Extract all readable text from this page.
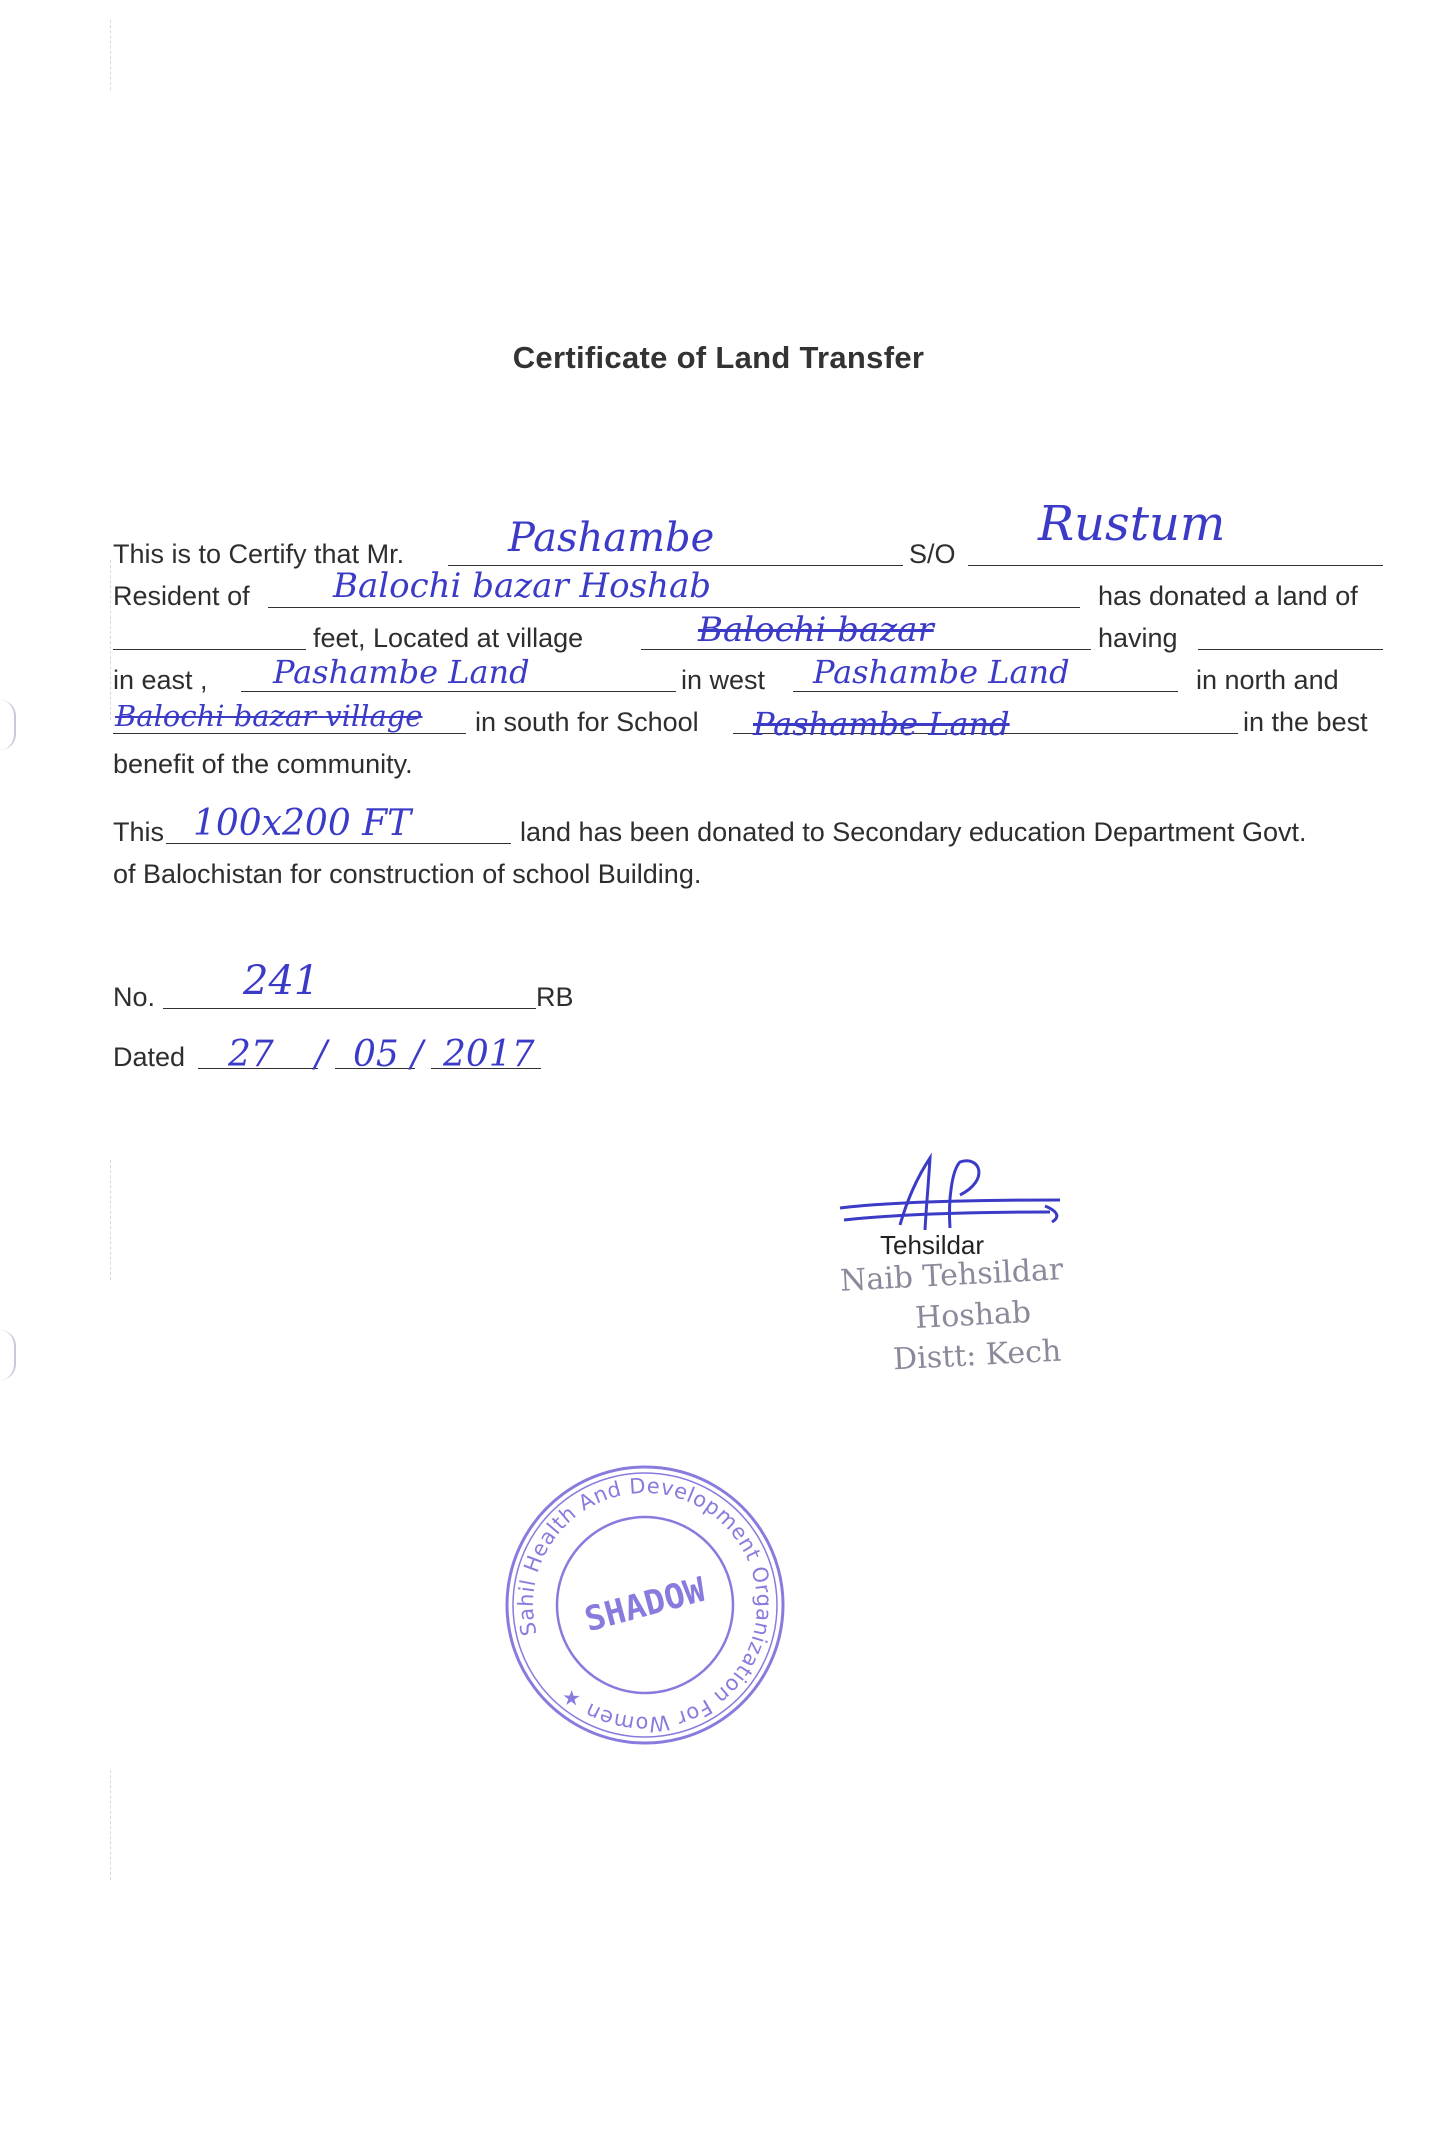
Certificate of Land Transfer
This is to Certify that Mr.	Pashambe	S/O
Rustum
Resident of Balochi bazar Hoshab	has donated a land of
feet, Located at village	Balochi bazar	having
in east , Pashambe Land	in west Pashambe Land	in north and
Balochi bazar village in south for School Pashambe Land	in the best
benefit of the community.
This 100x200 FT	land has been donated to Secondary education Department Govt.
of Balochistan for construction of school Building.
No. 241	RB
Dated 27 / 05 / 2017
Tehsildar
Naib Tehsildar
Hoshab
Distt: Kech
Sahil Health And Development Organization For Women ★
SHADOW
